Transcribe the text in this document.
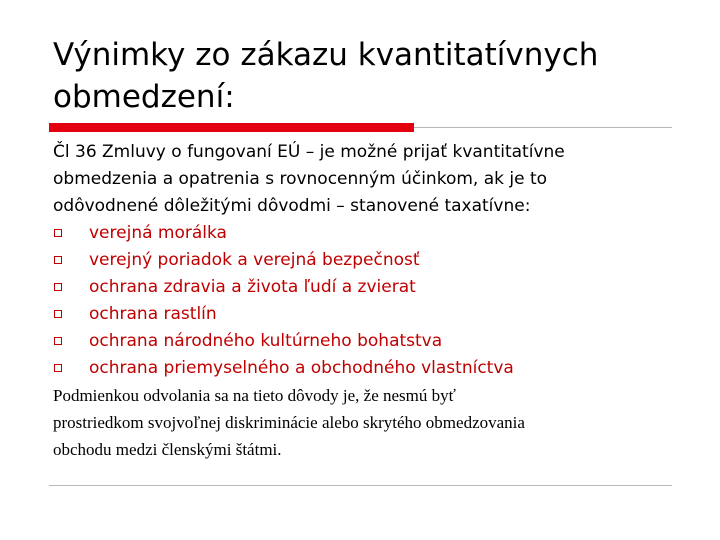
Výnimky zo zákazu kvantitatívnych
obmedzení:
Čl 36 Zmluvy o fungovaní EÚ – je možné prijať kvantitatívne
obmedzenia a opatrenia s rovnocenným účinkom, ak je to
odôvodnené dôležitými dôvodmi – stanovené taxatívne:
verejná morálka
verejný poriadok a verejná bezpečnosť
ochrana zdravia a života ľudí a zvierat
ochrana rastlín
ochrana národného kultúrneho bohatstva
ochrana priemyselného a obchodného vlastníctva
Podmienkou odvolania sa na tieto dôvody je, že nesmú byť
prostriedkom svojvoľnej diskriminácie alebo skrytého obmedzovania
obchodu medzi členskými štátmi.
